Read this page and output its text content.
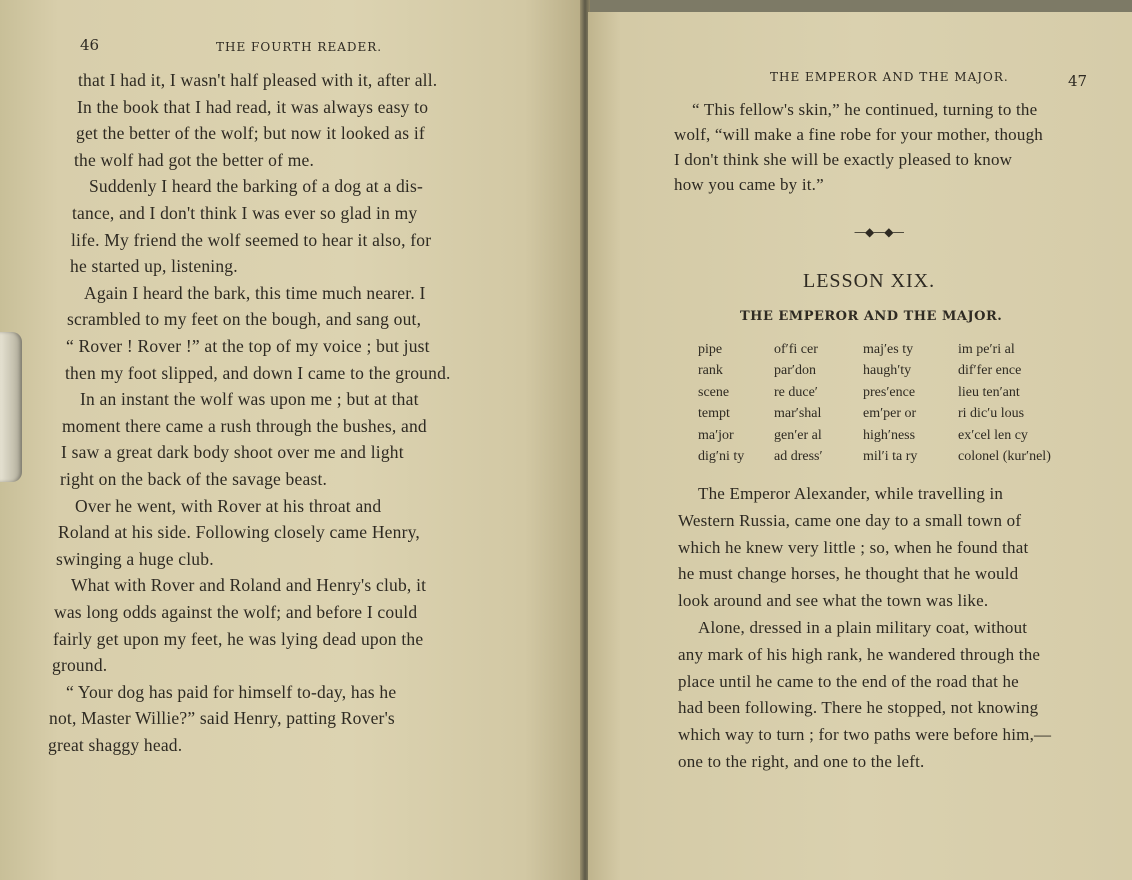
46	THE FOURTH READER.
that I had it, I wasn't half pleased with it, after all.
In the book that I had read, it was always easy to
get the better of the wolf; but now it looked as if
the wolf had got the better of me.
Suddenly I heard the barking of a dog at a dis-
tance, and I don't think I was ever so glad in my
life. My friend the wolf seemed to hear it also, for
he started up, listening.
Again I heard the bark, this time much nearer. I
scrambled to my feet on the bough, and sang out,
“ Rover ! Rover !” at the top of my voice ; but just
then my foot slipped, and down I came to the ground.
In an instant the wolf was upon me ; but at that
moment there came a rush through the bushes, and
I saw a great dark body shoot over me and light
right on the back of the savage beast.
Over he went, with Rover at his throat and
Roland at his side. Following closely came Henry,
swinging a huge club.
What with Rover and Roland and Henry's club, it
was long odds against the wolf; and before I could
fairly get upon my feet, he was lying dead upon the
ground.
“ Your dog has paid for himself to-day, has he
not, Master Willie?” said Henry, patting Rover's
great shaggy head.
THE EMPEROR AND THE MAJOR.	47
“ This fellow's skin,” he continued, turning to the
wolf, “will make a fine robe for your mother, though
I don't think she will be exactly pleased to know
how you came by it.”
—◆—◆—
LESSON XIX.
THE EMPEROR AND THE MAJOR.
pipe
rank
scene
tempt
ma′jor
dig′ni ty
of′fi cer
par′don
re duce′
mar′shal
gen′er al
ad dress′
maj′es ty
haugh′ty
pres′ence
em′per or
high′ness
mil′i ta ry
im pe′ri al
dif′fer ence
lieu ten′ant
ri dic′u lous
ex′cel len cy
colonel (kur′nel)
The Emperor Alexander, while travelling in
Western Russia, came one day to a small town of
which he knew very little ; so, when he found that
he must change horses, he thought that he would
look around and see what the town was like.
Alone, dressed in a plain military coat, without
any mark of his high rank, he wandered through the
place until he came to the end of the road that he
had been following. There he stopped, not knowing
which way to turn ; for two paths were before him,—
one to the right, and one to the left.
